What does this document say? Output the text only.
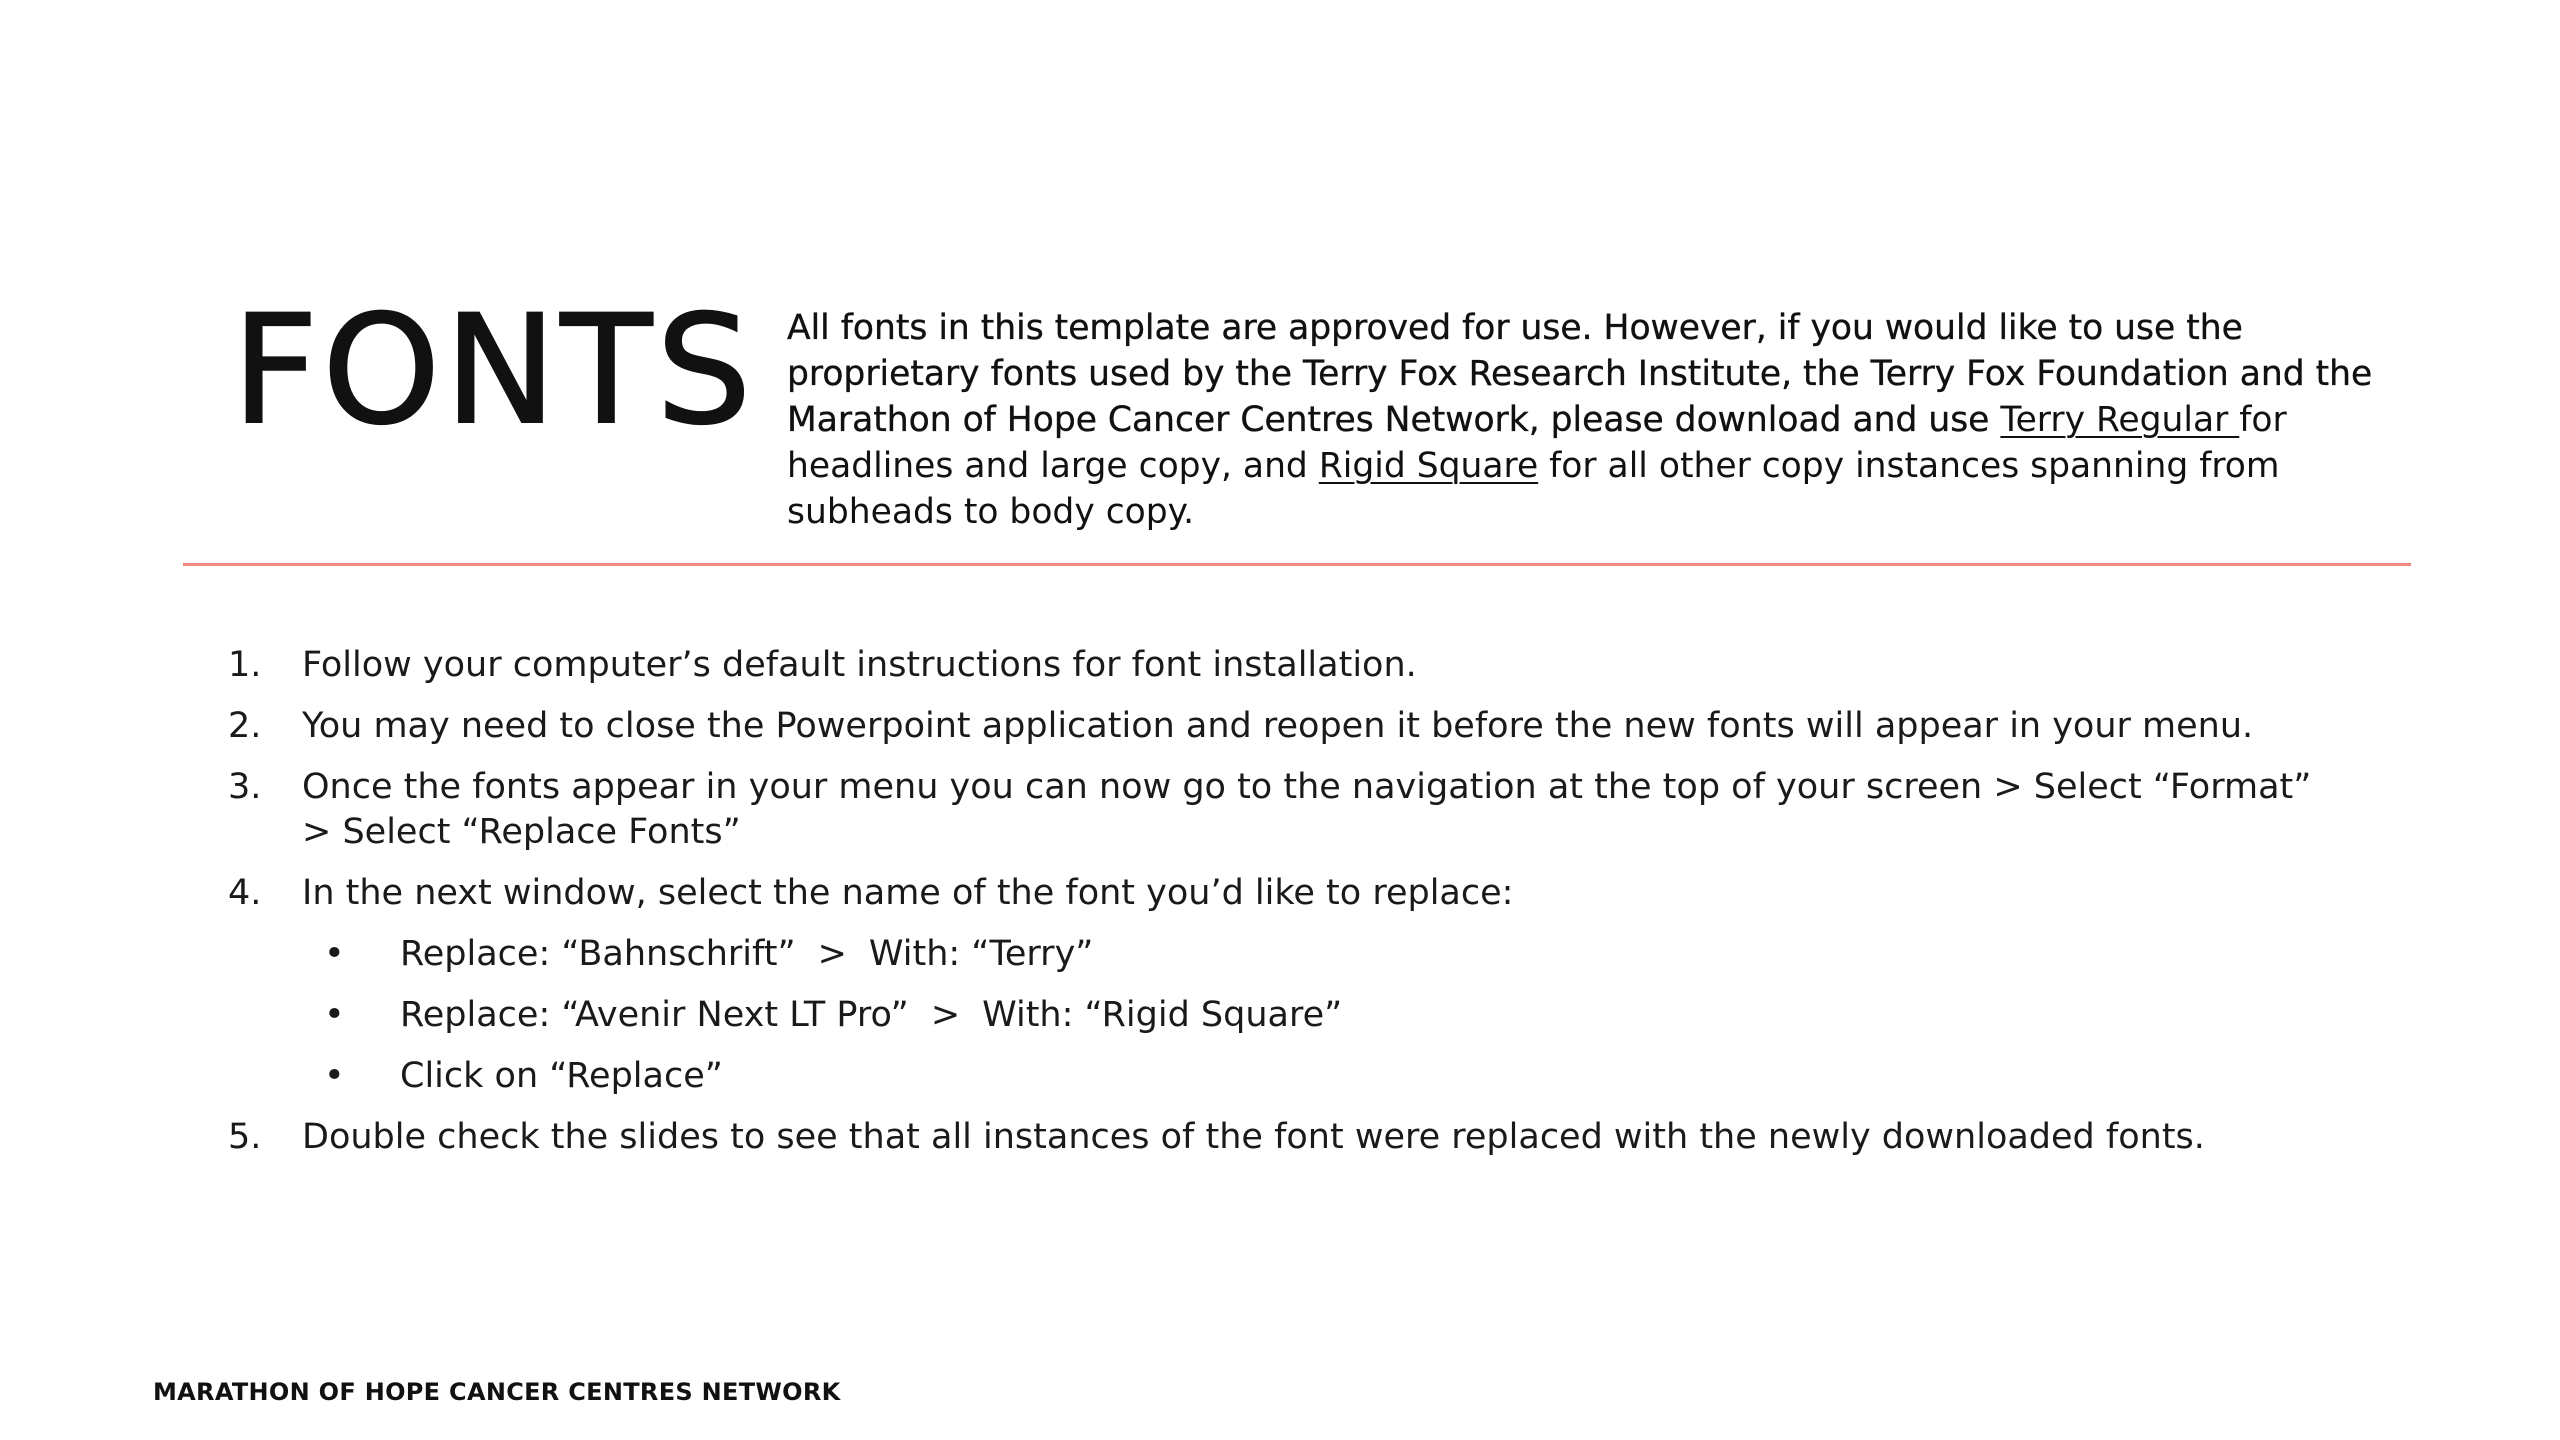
FONTS All fonts in this template are approved for use. However, if you would like to use the proprietary fonts used by the Terry Fox Research Institute, the Terry Fox Foundation and the Marathon of Hope Cancer Centres Network, please download and use Terry Regular for headlines and large copy, and Rigid Square for all other copy instances spanning from subheads to body copy.

1. Follow your computer’s default instructions for font installation.
2. You may need to close the Powerpoint application and reopen it before the new fonts will appear in your menu.
3. Once the fonts appear in your menu you can now go to the navigation at the top of your screen > Select “Format” > Select “Replace Fonts”
4. In the next window, select the name of the font you’d like to replace:
• Replace: “Bahnschrift” > With: “Terry”
• Replace: “Avenir Next LT Pro” > With: “Rigid Square”
• Click on “Replace”
5. Double check the slides to see that all instances of the font were replaced with the newly downloaded fonts.

MARATHON OF HOPE CANCER CENTRES NETWORK
